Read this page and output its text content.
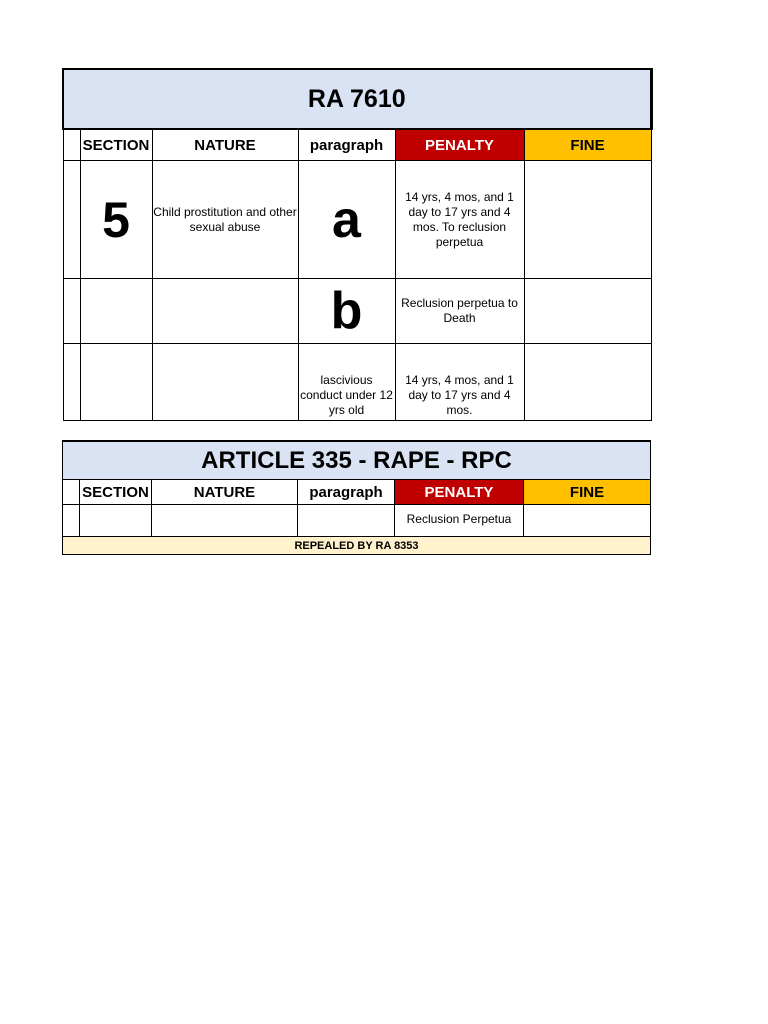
RA 7610					
	SECTION	NATURE	paragraph	PENALTY	FINE
	5	Child prostitution and other sexual abuse	a	14 yrs, 4 mos, and 1 day to 17 yrs and 4 mos. To reclusion perpetua	
			b	Reclusion perpetua to Death	
			lascivious conduct under 12 yrs old	14 yrs, 4 mos, and 1 day to 17 yrs and 4 mos.	
ARTICLE 335 - RAPE - RPC					
	SECTION	NATURE	paragraph	PENALTY	FINE
				Reclusion Perpetua	
REPEALED BY RA 8353					
